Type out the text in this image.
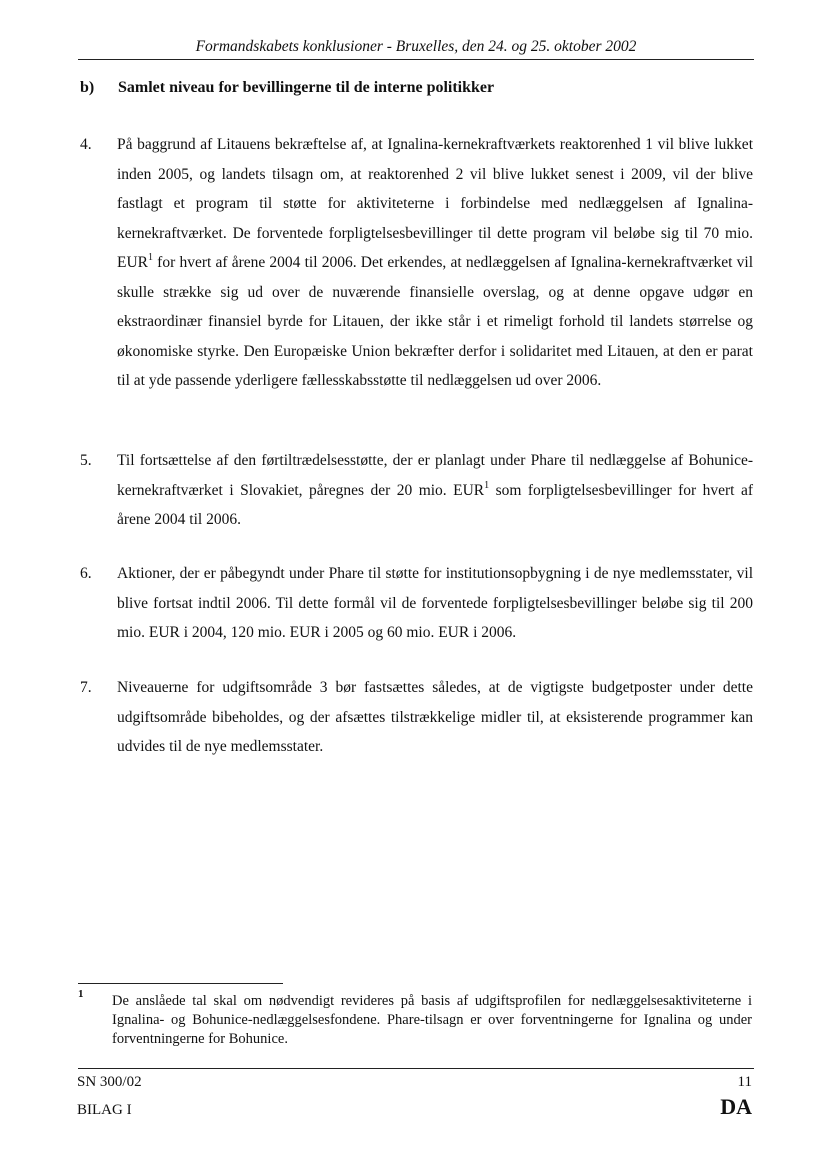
Formandskabets konklusioner - Bruxelles, den 24. og 25. oktober 2002
b) Samlet niveau for bevillingerne til de interne politikker
4. På baggrund af Litauens bekræftelse af, at Ignalina-kernekraftværkets reaktorenhed 1 vil blive lukket inden 2005, og landets tilsagn om, at reaktorenhed 2 vil blive lukket senest i 2009, vil der blive fastlagt et program til støtte for aktiviteterne i forbindelse med nedlæggelsen af Ignalina-kernekraftværket. De forventede forpligtelsesbevillinger til dette program vil beløbe sig til 70 mio. EUR$^1$ for hvert af årene 2004 til 2006. Det erkendes, at nedlæggelsen af Ignalina-kernekraftværket vil skulle strække sig ud over de nuværende finansielle overslag, og at denne opgave udgør en ekstraordinær finansiel byrde for Litauen, der ikke står i et rimeligt forhold til landets størrelse og økonomiske styrke. Den Europæiske Union bekræfter derfor i solidaritet med Litauen, at den er parat til at yde passende yderligere fællesskabsstøtte til nedlæggelsen ud over 2006.
5. Til fortsættelse af den førtiltrædelsesstøtte, der er planlagt under Phare til nedlæggelse af Bohunice-kernekraftværket i Slovakiet, påregnes der 20 mio. EUR$^1$ som forpligtelsesbevillinger for hvert af årene 2004 til 2006.
6. Aktioner, der er påbegyndt under Phare til støtte for institutionsopbygning i de nye medlemsstater, vil blive fortsat indtil 2006. Til dette formål vil de forventede forpligtelsesbevillinger beløbe sig til 200 mio. EUR i 2004, 120 mio. EUR i 2005 og 60 mio. EUR i 2006.
7. Niveauerne for udgiftsområde 3 bør fastsættes således, at de vigtigste budgetposter under dette udgiftsområde bibeholdes, og der afsættes tilstrækkelige midler til, at eksisterende programmer kan udvides til de nye medlemsstater.
1 De anslåede tal skal om nødvendigt revideres på basis af udgiftsprofilen for nedlæggelsesaktiviteterne i Ignalina- og Bohunice-nedlæggelsesfondene. Phare-tilsagn er over forventningerne for Ignalina og under forventningerne for Bohunice.
SN 300/02	11
BILAG I	DA
